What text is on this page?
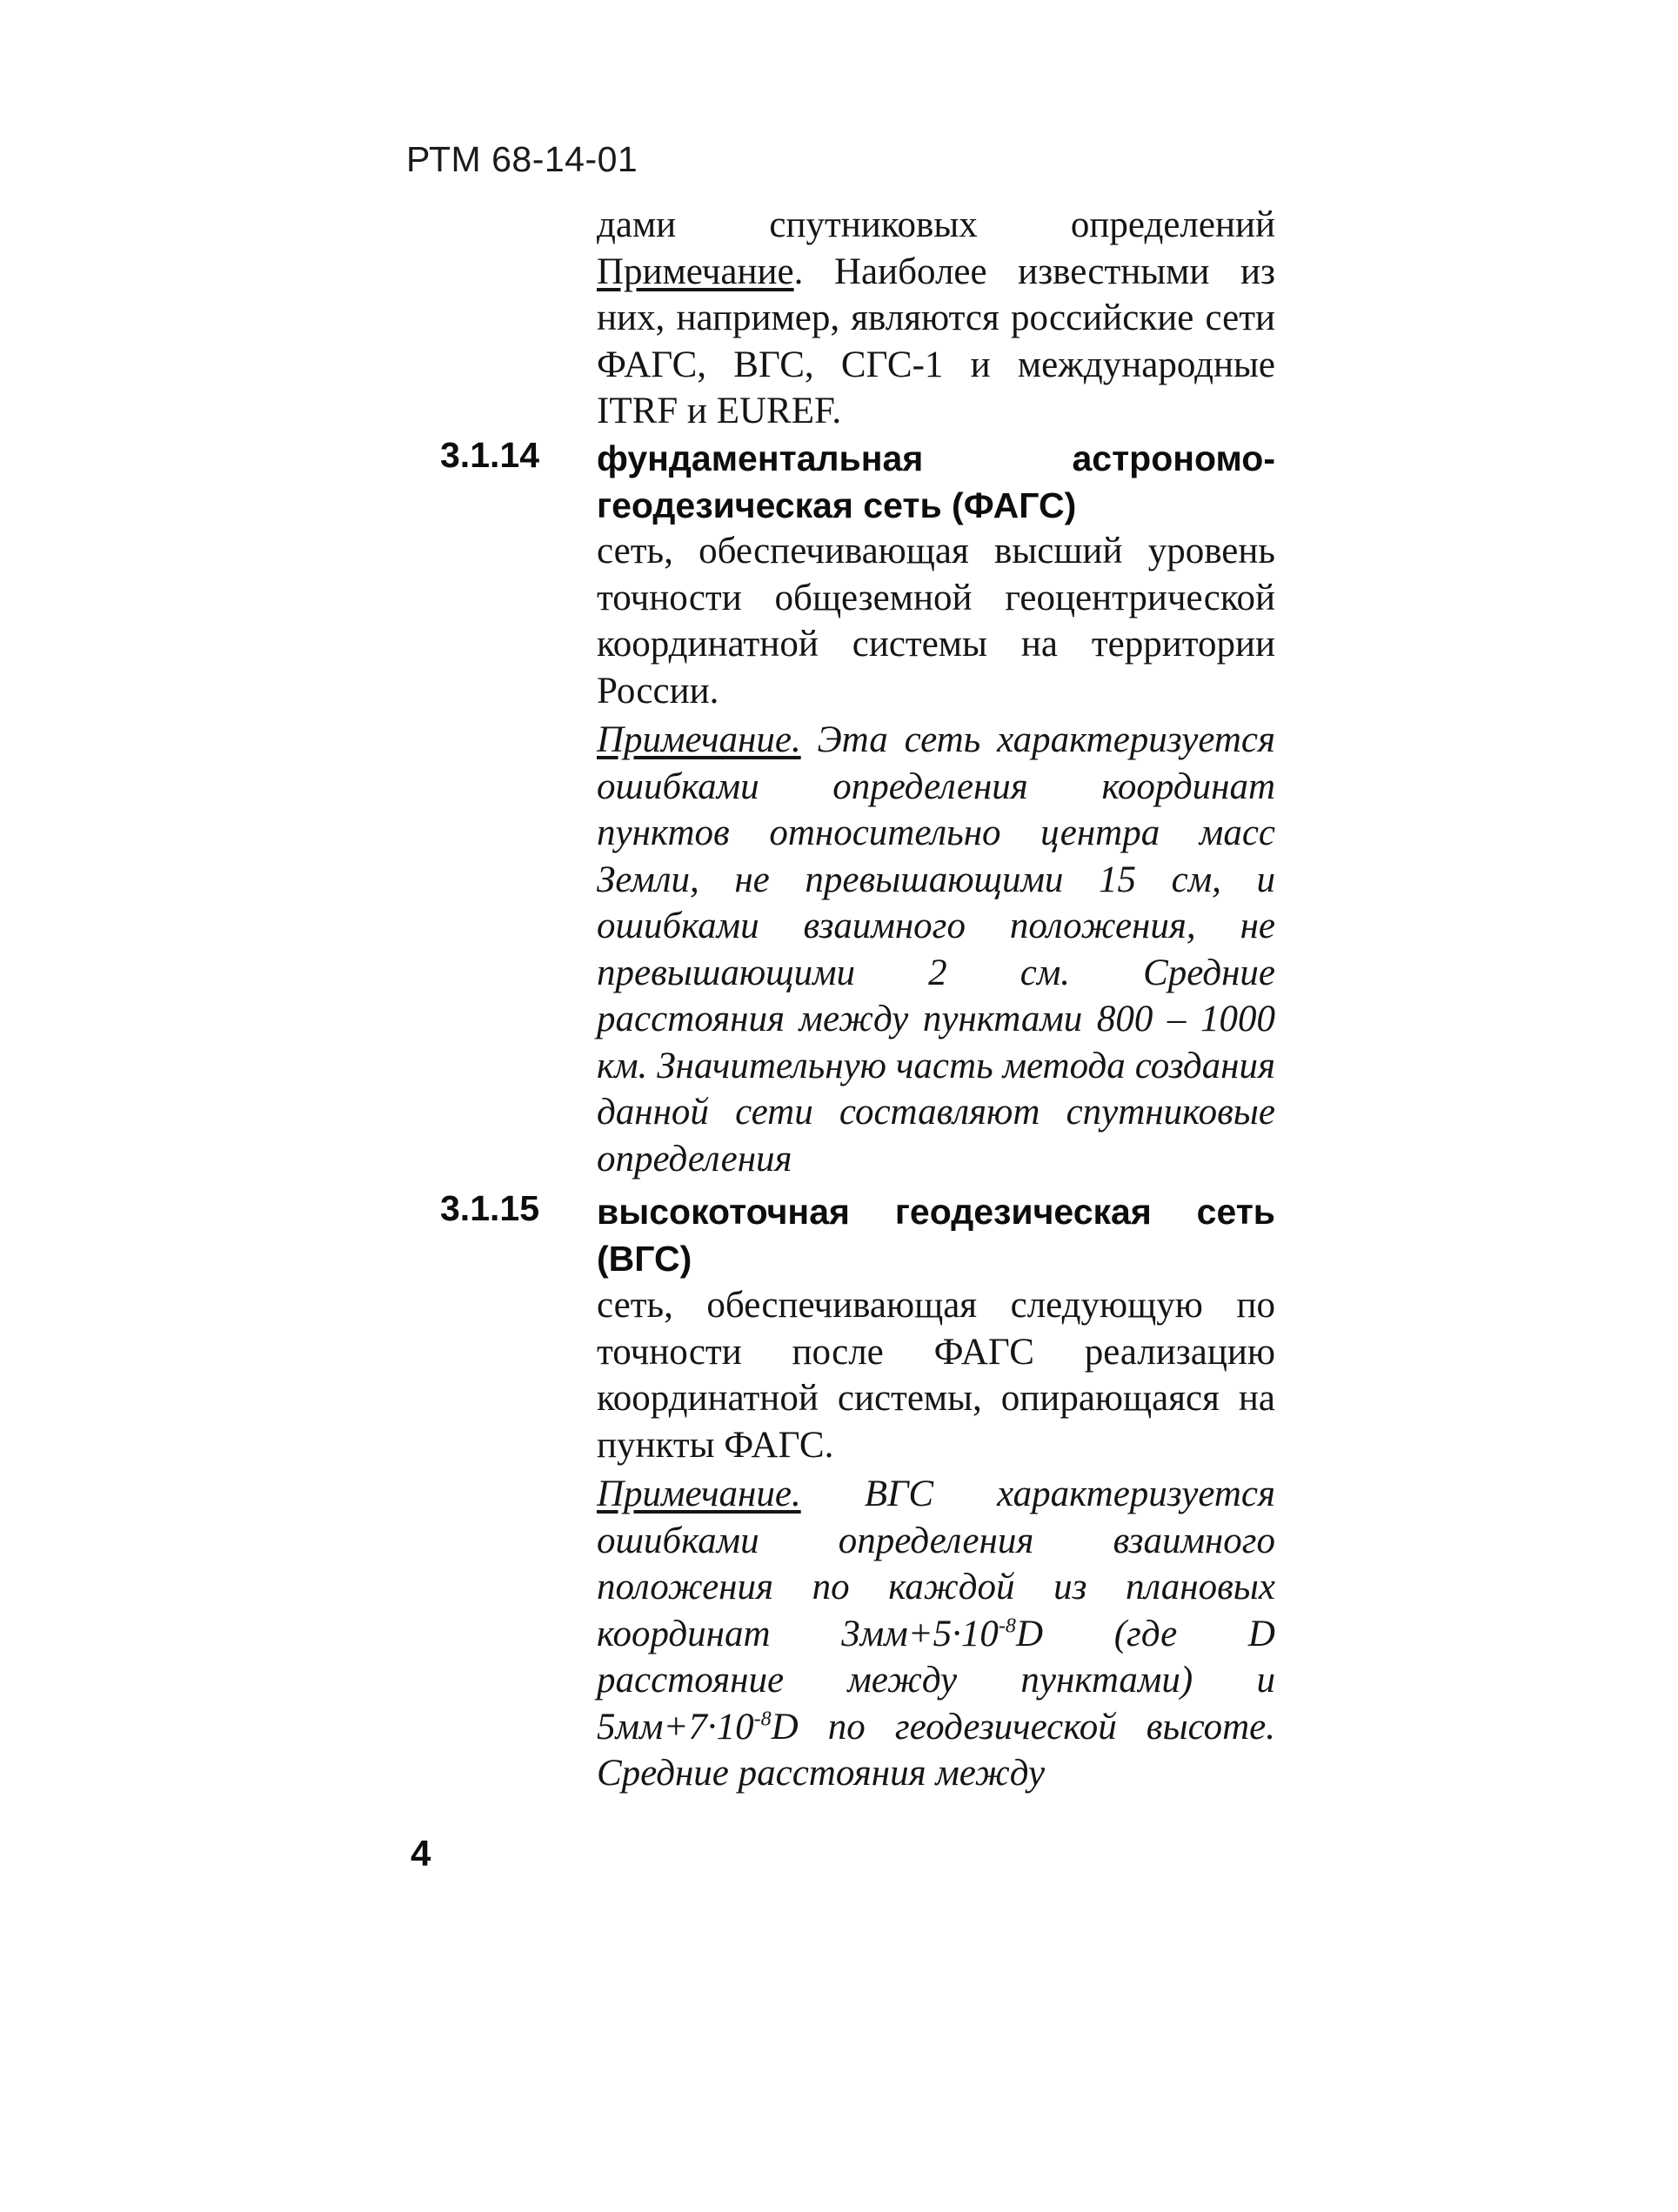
РТМ 68-14-01
дами спутниковых определений Примечание. Наиболее известными из них, например, являются российские сети ФАГС, ВГС, СГС-1 и международные ITRF и EUREF.
3.1.14 фундаментальная астрономо-геодезическая сеть (ФАГС)
сеть, обеспечивающая высший уровень точности общеземной геоцентрической координатной системы на территории России.
Примечание. Эта сеть характеризуется ошибками определения координат пунктов относительно центра масс Земли, не превышающими 15 см, и ошибками взаимного положения, не превышающими 2 см. Средние расстояния между пунктами 800 – 1000 км. Значительную часть метода создания данной сети составляют спутниковые определения
3.1.15 высокоточная геодезическая сеть (ВГС)
сеть, обеспечивающая следующую по точности после ФАГС реализацию координатной системы, опирающаяся на пункты ФАГС.
Примечание. ВГС характеризуется ошибками определения взаимного положения по каждой из плановых координат $3мм+5\cdot 10^{-8}D$ (где D расстояние между пунктами) и $5мм+7\cdot 10^{-8}D$ по геодезической высоте. Средние расстояния между
4
